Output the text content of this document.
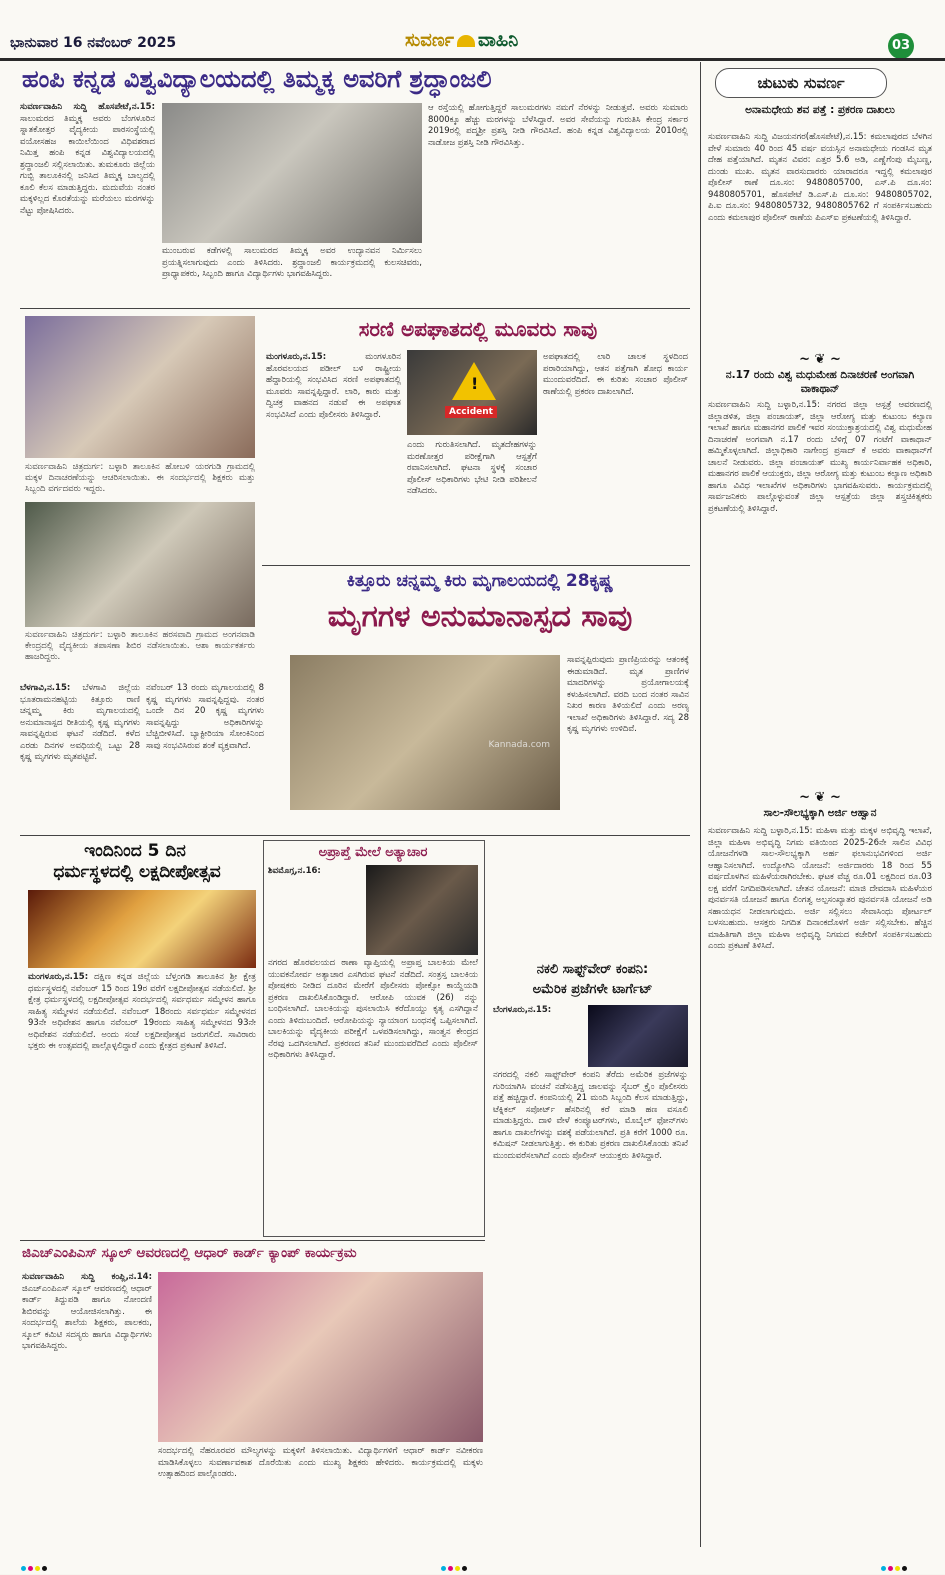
ಭಾನುವಾರ 16 ನವೆಂಬರ್ 2025	ಸುವರ್ಣ ವಾಹಿನಿ	03
ಹಂಪಿ ಕನ್ನಡ ವಿಶ್ವವಿದ್ಯಾಲಯದಲ್ಲಿ ತಿಮ್ಮಕ್ಕ ಅವರಿಗೆ ಶ್ರದ್ಧಾಂಜಲಿ
ಸುವರ್ಣವಾಹಿನಿ ಸುದ್ದಿ ಹೊಸಪೇಟೆ,ನ.15: ಸಾಲುಮರದ ತಿಮ್ಮಕ್ಕ ಅವರು ಬೆಂಗಳೂರಿನ ಸ್ನಾತಕೋತ್ತರ ವೈದ್ಯಕೀಯ ಪಾಠಸಂಸ್ಥೆಯಲ್ಲಿ ವಯೋಸಹಜ ಕಾಯಿಲೆಯಿಂದ ವಿಧಿವಶರಾದ ನಿಮಿತ್ತ ಹಂಪಿ ಕನ್ನಡ ವಿಶ್ವವಿದ್ಯಾಲಯದಲ್ಲಿ ಶ್ರದ್ಧಾಂಜಲಿ ಸಲ್ಲಿಸಲಾಯಿತು. ತುಮಕೂರು ಜಿಲ್ಲೆಯ ಗುಬ್ಬಿ ತಾಲೂಕಿನಲ್ಲಿ ಜನಿಸಿದ ತಿಮ್ಮಕ್ಕ ಬಾಲ್ಯದಲ್ಲಿ ಕೂಲಿ ಕೆಲಸ ಮಾಡುತ್ತಿದ್ದರು. ಮದುವೆಯ ನಂತರ ಮಕ್ಕಳಿಲ್ಲದ ಕೊರತೆಯನ್ನು ಮರೆಯಲು ಮರಗಳನ್ನು ನೆಟ್ಟು ಪೋಷಿಸಿದರು.
ಮುಂಬರುವ ಕಡೆಗಳಲ್ಲಿ ಸಾಲುಮರದ ತಿಮ್ಮಕ್ಕ ಅವರ ಉದ್ಯಾನವನ ನಿರ್ಮಿಸಲು ಪ್ರಯತ್ನಿಸಲಾಗುವುದು ಎಂದು ತಿಳಿಸಿದರು. ಶ್ರದ್ಧಾಂಜಲಿ ಕಾರ್ಯಕ್ರಮದಲ್ಲಿ ಕುಲಸಚಿವರು, ಪ್ರಾಧ್ಯಾಪಕರು, ಸಿಬ್ಬಂದಿ ಹಾಗೂ ವಿದ್ಯಾರ್ಥಿಗಳು ಭಾಗವಹಿಸಿದ್ದರು.
ಆ ರಸ್ತೆಯಲ್ಲಿ ಹೋಗುತ್ತಿದ್ದರೆ ಸಾಲುಮರಗಳು ನಮಗೆ ನೆರಳನ್ನು ನೀಡುತ್ತವೆ. ಅವರು ಸುಮಾರು 8000ಕ್ಕೂ ಹೆಚ್ಚು ಮರಗಳನ್ನು ಬೆಳೆಸಿದ್ದಾರೆ. ಅವರ ಸೇವೆಯನ್ನು ಗುರುತಿಸಿ ಕೇಂದ್ರ ಸರ್ಕಾರ 2019ರಲ್ಲಿ ಪದ್ಮಶ್ರೀ ಪ್ರಶಸ್ತಿ ನೀಡಿ ಗೌರವಿಸಿದೆ. ಹಂಪಿ ಕನ್ನಡ ವಿಶ್ವವಿದ್ಯಾಲಯ 2010ರಲ್ಲಿ ನಾಡೋಜ ಪ್ರಶಸ್ತಿ ನೀಡಿ ಗೌರವಿಸಿತ್ತು.
ಸುವರ್ಣವಾಹಿನಿ ಚಿತ್ರದುರ್ಗ: ಬಳ್ಳಾರಿ ತಾಲೂಕಿನ ಹೋಬಳಿ ಯರಗುಡಿ ಗ್ರಾಮದಲ್ಲಿ ಮಕ್ಕಳ ದಿನಾಚರಣೆಯನ್ನು ಆಚರಿಸಲಾಯಿತು. ಈ ಸಂದರ್ಭದಲ್ಲಿ ಶಿಕ್ಷಕರು ಮತ್ತು ಸಿಬ್ಬಂದಿ ವರ್ಗದವರು ಇದ್ದರು.
ಸುವರ್ಣವಾಹಿನಿ ಚಿತ್ರದುರ್ಗ: ಬಳ್ಳಾರಿ ತಾಲೂಕಿನ ಹರಸವಾದಿ ಗ್ರಾಮದ ಅಂಗನವಾಡಿ ಕೇಂದ್ರದಲ್ಲಿ ವೈದ್ಯಕೀಯ ತಪಾಸಣಾ ಶಿಬಿರ ನಡೆಸಲಾಯಿತು. ಆಶಾ ಕಾರ್ಯಕರ್ತರು ಹಾಜರಿದ್ದರು.
ಸರಣಿ ಅಪಘಾತದಲ್ಲಿ ಮೂವರು ಸಾವು
ಮಂಗಳೂರು,ನ.15:	ಮಂಗಳೂರಿನ ಹೊರವಲಯದ ಪಡೀಲ್ ಬಳಿ ರಾಷ್ಟ್ರೀಯ ಹೆದ್ದಾರಿಯಲ್ಲಿ ಸಂಭವಿಸಿದ ಸರಣಿ ಅಪಘಾತದಲ್ಲಿ ಮೂವರು ಸಾವನ್ನಪ್ಪಿದ್ದಾರೆ. ಲಾರಿ, ಕಾರು ಮತ್ತು ದ್ವಿಚಕ್ರ ವಾಹನದ ನಡುವೆ ಈ ಅಪಘಾತ ಸಂಭವಿಸಿದೆ ಎಂದು ಪೊಲೀಸರು ತಿಳಿಸಿದ್ದಾರೆ.
!
Accident
ಎಂದು ಗುರುತಿಸಲಾಗಿದೆ. ಮೃತದೇಹಗಳನ್ನು ಮರಣೋತ್ತರ ಪರೀಕ್ಷೆಗಾಗಿ ಆಸ್ಪತ್ರೆಗೆ ರವಾನಿಸಲಾಗಿದೆ. ಘಟನಾ ಸ್ಥಳಕ್ಕೆ ಸಂಚಾರ ಪೊಲೀಸ್ ಅಧಿಕಾರಿಗಳು ಭೇಟಿ ನೀಡಿ ಪರಿಶೀಲನೆ ನಡೆಸಿದರು.
ಅಪಘಾತದಲ್ಲಿ ಲಾರಿ ಚಾಲಕ ಸ್ಥಳದಿಂದ ಪರಾರಿಯಾಗಿದ್ದು, ಆತನ ಪತ್ತೆಗಾಗಿ ಶೋಧ ಕಾರ್ಯ ಮುಂದುವರೆದಿದೆ. ಈ ಕುರಿತು ಸಂಚಾರ ಪೊಲೀಸ್ ಠಾಣೆಯಲ್ಲಿ ಪ್ರಕರಣ ದಾಖಲಾಗಿದೆ.
ಕಿತ್ತೂರು ಚನ್ನಮ್ಮ ಕಿರು ಮೃಗಾಲಯದಲ್ಲಿ 28ಕೃಷ್ಣ
ಮೃಗಗಳ ಅನುಮಾನಾಸ್ಪದ ಸಾವು
ಬೆಳಗಾವಿ,ನ.15: ಬೆಳಗಾವಿ ಜಿಲ್ಲೆಯ ಭೂತರಾಮನಹಟ್ಟಿಯ ಕಿತ್ತೂರು ರಾಣಿ ಚನ್ನಮ್ಮ ಕಿರು ಮೃಗಾಲಯದಲ್ಲಿ ಅನುಮಾನಾಸ್ಪದ ರೀತಿಯಲ್ಲಿ ಕೃಷ್ಣ ಮೃಗಗಳು ಸಾವನ್ನಪ್ಪಿರುವ ಘಟನೆ ನಡೆದಿದೆ. ಕಳೆದ ಎರಡು ದಿನಗಳ ಅವಧಿಯಲ್ಲಿ ಒಟ್ಟು 28 ಕೃಷ್ಣ ಮೃಗಗಳು ಮೃತಪಟ್ಟಿವೆ.
ನವೆಂಬರ್ 13 ರಂದು ಮೃಗಾಲಯದಲ್ಲಿ 8 ಕೃಷ್ಣ ಮೃಗಗಳು ಸಾವನ್ನಪ್ಪಿದ್ದವು. ನಂತರ ಒಂದೇ ದಿನ 20 ಕೃಷ್ಣ ಮೃಗಗಳು ಸಾವನ್ನಪ್ಪಿದ್ದು ಅಧಿಕಾರಿಗಳನ್ನು ಬೆಚ್ಚಿಬೀಳಿಸಿದೆ. ಬ್ಯಾಕ್ಟೀರಿಯಾ ಸೋಂಕಿನಿಂದ ಸಾವು ಸಂಭವಿಸಿರುವ ಶಂಕೆ ವ್ಯಕ್ತವಾಗಿದೆ.	Kannada.com
ಸಾವನ್ನಪ್ಪಿರುವುದು ಪ್ರಾಣಿಪ್ರಿಯರನ್ನು ಆತಂಕಕ್ಕೆ ಈಡುಮಾಡಿದೆ. ಮೃತ ಪ್ರಾಣಿಗಳ ಮಾದರಿಗಳನ್ನು ಪ್ರಯೋಗಾಲಯಕ್ಕೆ ಕಳುಹಿಸಲಾಗಿದೆ. ವರದಿ ಬಂದ ನಂತರ ಸಾವಿನ ನಿಖರ ಕಾರಣ ತಿಳಿಯಲಿದೆ ಎಂದು ಅರಣ್ಯ ಇಲಾಖೆ ಅಧಿಕಾರಿಗಳು ತಿಳಿಸಿದ್ದಾರೆ. ಸದ್ಯ 28 ಕೃಷ್ಣ ಮೃಗಗಳು ಉಳಿದಿವೆ.
ಇಂದಿನಿಂದ 5 ದಿನ
ಧರ್ಮಸ್ಥಳದಲ್ಲಿ ಲಕ್ಷದೀಪೋತ್ಸವ
ಮಂಗಳೂರು,ನ.15: ದಕ್ಷಿಣ ಕನ್ನಡ ಜಿಲ್ಲೆಯ ಬೆಳ್ತಂಗಡಿ ತಾಲೂಕಿನ ಶ್ರೀ ಕ್ಷೇತ್ರ ಧರ್ಮಸ್ಥಳದಲ್ಲಿ ನವೆಂಬರ್ 15 ರಿಂದ 19ರ ವರೆಗೆ ಲಕ್ಷದೀಪೋತ್ಸವ ನಡೆಯಲಿದೆ. ಶ್ರೀ ಕ್ಷೇತ್ರ ಧರ್ಮಸ್ಥಳದಲ್ಲಿ ಲಕ್ಷದೀಪೋತ್ಸವ ಸಂದರ್ಭದಲ್ಲಿ ಸರ್ವಧರ್ಮ ಸಮ್ಮೇಳನ ಹಾಗೂ ಸಾಹಿತ್ಯ ಸಮ್ಮೇಳನ ನಡೆಯಲಿದೆ. ನವೆಂಬರ್ 18ರಂದು ಸರ್ವಧರ್ಮ ಸಮ್ಮೇಳನದ 93ನೇ ಅಧಿವೇಶನ ಹಾಗೂ ನವೆಂಬರ್ 19ರಂದು ಸಾಹಿತ್ಯ ಸಮ್ಮೇಳನದ 93ನೇ ಅಧಿವೇಶನ ನಡೆಯಲಿದೆ. ಅಂದು ಸಂಜೆ ಲಕ್ಷದೀಪೋತ್ಸವ ಜರುಗಲಿದೆ. ಸಾವಿರಾರು ಭಕ್ತರು ಈ ಉತ್ಸವದಲ್ಲಿ ಪಾಲ್ಗೊಳ್ಳಲಿದ್ದಾರೆ ಎಂದು ಕ್ಷೇತ್ರದ ಪ್ರಕಟಣೆ ತಿಳಿಸಿದೆ.
ಅಪ್ರಾಪ್ತೆ ಮೇಲೆ ಅತ್ಯಾಚಾರ
ಶಿವಮೊಗ್ಗ,ನ.16:
ನಗರದ ಹೊರವಲಯದ ಠಾಣಾ ವ್ಯಾಪ್ತಿಯಲ್ಲಿ ಅಪ್ರಾಪ್ತ ಬಾಲಕಿಯ ಮೇಲೆ ಯುವಕನೋರ್ವ ಅತ್ಯಾಚಾರ ಎಸಗಿರುವ ಘಟನೆ ನಡೆದಿದೆ. ಸಂತ್ರಸ್ತ ಬಾಲಕಿಯ ಪೋಷಕರು ನೀಡಿದ ದೂರಿನ ಮೇರೆಗೆ ಪೊಲೀಸರು ಪೋಕ್ಸೋ ಕಾಯ್ದೆಯಡಿ ಪ್ರಕರಣ ದಾಖಲಿಸಿಕೊಂಡಿದ್ದಾರೆ. ಆರೋಪಿ ಯುವಕ (26) ನನ್ನು ಬಂಧಿಸಲಾಗಿದೆ. ಬಾಲಕಿಯನ್ನು ಪುಸಲಾಯಿಸಿ ಕರೆದೊಯ್ದು ಕೃತ್ಯ ಎಸಗಿದ್ದಾನೆ ಎಂದು ತಿಳಿದುಬಂದಿದೆ. ಆರೋಪಿಯನ್ನು ನ್ಯಾಯಾಂಗ ಬಂಧನಕ್ಕೆ ಒಪ್ಪಿಸಲಾಗಿದೆ. ಬಾಲಕಿಯನ್ನು ವೈದ್ಯಕೀಯ ಪರೀಕ್ಷೆಗೆ ಒಳಪಡಿಸಲಾಗಿದ್ದು, ಸಾಂತ್ವನ ಕೇಂದ್ರದ ನೆರವು ಒದಗಿಸಲಾಗಿದೆ. ಪ್ರಕರಣದ ತನಿಖೆ ಮುಂದುವರೆದಿದೆ ಎಂದು ಪೊಲೀಸ್ ಅಧಿಕಾರಿಗಳು ತಿಳಿಸಿದ್ದಾರೆ.
ನಕಲಿ ಸಾಫ್ಟ್‌ವೇರ್ ಕಂಪನಿ:
ಅಮೆರಿಕ ಪ್ರಜೆಗಳೇ ಟಾರ್ಗೆಟ್
ಬೆಂಗಳೂರು,ನ.15:
ನಗರದಲ್ಲಿ ನಕಲಿ ಸಾಫ್ಟ್‌ವೇರ್ ಕಂಪನಿ ತೆರೆದು ಅಮೆರಿಕ ಪ್ರಜೆಗಳನ್ನು ಗುರಿಯಾಗಿಸಿ ವಂಚನೆ ನಡೆಸುತ್ತಿದ್ದ ಜಾಲವನ್ನು ಸೈಬರ್ ಕ್ರೈಂ ಪೊಲೀಸರು ಪತ್ತೆ ಹಚ್ಚಿದ್ದಾರೆ. ಕಂಪನಿಯಲ್ಲಿ 21 ಮಂದಿ ಸಿಬ್ಬಂದಿ ಕೆಲಸ ಮಾಡುತ್ತಿದ್ದು, ಟೆಕ್ನಿಕಲ್ ಸಪೋರ್ಟ್ ಹೆಸರಿನಲ್ಲಿ ಕರೆ ಮಾಡಿ ಹಣ ವಸೂಲಿ ಮಾಡುತ್ತಿದ್ದರು. ದಾಳಿ ವೇಳೆ ಕಂಪ್ಯೂಟರ್‌ಗಳು, ಮೊಬೈಲ್ ಫೋನ್‌ಗಳು ಹಾಗೂ ದಾಖಲೆಗಳನ್ನು ವಶಕ್ಕೆ ಪಡೆಯಲಾಗಿದೆ. ಪ್ರತಿ ಕರೆಗೆ 1000 ರೂ. ಕಮಿಷನ್ ನೀಡಲಾಗುತ್ತಿತ್ತು. ಈ ಕುರಿತು ಪ್ರಕರಣ ದಾಖಲಿಸಿಕೊಂಡು ತನಿಖೆ ಮುಂದುವರೆಸಲಾಗಿದೆ ಎಂದು ಪೊಲೀಸ್ ಆಯುಕ್ತರು ತಿಳಿಸಿದ್ದಾರೆ.
ಜಿಎಚ್‌ಎಂಪಿಎಸ್ ಸ್ಕೂಲ್ ಆವರಣದಲ್ಲಿ ಆಧಾರ್ ಕಾರ್ಡ್ ಕ್ಯಾಂಪ್ ಕಾರ್ಯಕ್ರಮ
ಸುವರ್ಣವಾಹಿನಿ ಸುದ್ದಿ ಕಂಪ್ಲಿ,ನ.14: ಜಿಎಚ್‌ಎಂಪಿಎಸ್ ಸ್ಕೂಲ್ ಆವರಣದಲ್ಲಿ ಆಧಾರ್ ಕಾರ್ಡ್ ತಿದ್ದುಪಡಿ ಹಾಗೂ ನೋಂದಣಿ ಶಿಬಿರವನ್ನು ಆಯೋಜಿಸಲಾಗಿತ್ತು. ಈ ಸಂದರ್ಭದಲ್ಲಿ ಶಾಲೆಯ ಶಿಕ್ಷಕರು, ಪಾಲಕರು, ಸ್ಕೂಲ್ ಕಮಿಟಿ ಸದಸ್ಯರು ಹಾಗೂ ವಿದ್ಯಾರ್ಥಿಗಳು ಭಾಗವಹಿಸಿದ್ದರು.
ಸಂದರ್ಭದಲ್ಲಿ ನೆಹರೂರವರ ಮೌಲ್ಯಗಳನ್ನು ಮಕ್ಕಳಿಗೆ ತಿಳಿಸಲಾಯಿತು. ವಿದ್ಯಾರ್ಥಿಗಳಿಗೆ ಆಧಾರ್ ಕಾರ್ಡ್ ನವೀಕರಣ ಮಾಡಿಸಿಕೊಳ್ಳಲು ಸುವರ್ಣಾವಕಾಶ ದೊರೆಯಿತು ಎಂದು ಮುಖ್ಯ ಶಿಕ್ಷಕರು ಹೇಳಿದರು. ಕಾರ್ಯಕ್ರಮದಲ್ಲಿ ಮಕ್ಕಳು ಉತ್ಸಾಹದಿಂದ ಪಾಲ್ಗೊಂಡರು.
ಚುಟುಕು ಸುವರ್ಣ
ಅನಾಮಧೇಯ ಶವ ಪತ್ತೆ : ಪ್ರಕರಣ ದಾಖಲು
ಸುವರ್ಣವಾಹಿನಿ ಸುದ್ದಿ ವಿಜಯನಗರ(ಹೊಸಪೇಟೆ),ನ.15: ಕಮಲಾಪುರದ ಬೆಳಗಿನ ವೇಳೆ ಸುಮಾರು 40 ರಿಂದ 45 ವರ್ಷ ವಯಸ್ಸಿನ ಅನಾಮಧೇಯ ಗಂಡಸಿನ ಮೃತ ದೇಹ ಪತ್ತೆಯಾಗಿದೆ. ಮೃತನ ವಿವರ: ಎತ್ತರ 5.6 ಅಡಿ, ಎಣ್ಣೆಗೆಂಪು ಮೈಬಣ್ಣ, ದುಂಡು ಮುಖ. ಮೃತನ ವಾರಸುದಾರರು ಯಾರಾದರೂ ಇದ್ದಲ್ಲಿ ಕಮಲಾಪುರ ಪೊಲೀಸ್ ಠಾಣೆ ದೂ.ಸಂ: 9480805700, ಎಸ್.ಪಿ ದೂ.ಸಂ: 9480805701, ಹೊಸಪೇಟೆ ಡಿ.ಎಸ್.ಪಿ ದೂ.ಸಂ: 9480805702, ಪಿ.ಐ ದೂ.ಸಂ: 9480805732, 9480805762 ಗೆ ಸಂಪರ್ಕಿಸಬಹುದು ಎಂದು ಕಮಲಾಪುರ ಪೊಲೀಸ್ ಠಾಣೆಯ ಪಿಎಸ್‌ಐ ಪ್ರಕಟಣೆಯಲ್ಲಿ ತಿಳಿಸಿದ್ದಾರೆ.
~ ❦ ~
ನ.17 ರಂದು ವಿಶ್ವ ಮಧುಮೇಹ ದಿನಾಚರಣೆ ಅಂಗವಾಗಿ ವಾಕಾಥಾನ್
ಸುವರ್ಣವಾಹಿನಿ ಸುದ್ದಿ ಬಳ್ಳಾರಿ,ನ.15: ನಗರದ ಜಿಲ್ಲಾ ಆಸ್ಪತ್ರೆ ಆವರಣದಲ್ಲಿ ಜಿಲ್ಲಾಡಳಿತ, ಜಿಲ್ಲಾ ಪಂಚಾಯತ್, ಜಿಲ್ಲಾ ಆರೋಗ್ಯ ಮತ್ತು ಕುಟುಂಬ ಕಲ್ಯಾಣ ಇಲಾಖೆ ಹಾಗೂ ಮಹಾನಗರ ಪಾಲಿಕೆ ಇವರ ಸಂಯುಕ್ತಾಶ್ರಯದಲ್ಲಿ ವಿಶ್ವ ಮಧುಮೇಹ ದಿನಾಚರಣೆ ಅಂಗವಾಗಿ ನ.17 ರಂದು ಬೆಳಿಗ್ಗೆ 07 ಗಂಟೆಗೆ ವಾಕಾಥಾನ್ ಹಮ್ಮಿಕೊಳ್ಳಲಾಗಿದೆ. ಜಿಲ್ಲಾಧಿಕಾರಿ ನಾಗೇಂದ್ರ ಪ್ರಸಾದ್ ಕೆ ಅವರು ವಾಕಾಥಾನ್‌ಗೆ ಚಾಲನೆ ನೀಡುವರು. ಜಿಲ್ಲಾ ಪಂಚಾಯತ್ ಮುಖ್ಯ ಕಾರ್ಯನಿರ್ವಾಹಕ ಅಧಿಕಾರಿ, ಮಹಾನಗರ ಪಾಲಿಕೆ ಆಯುಕ್ತರು, ಜಿಲ್ಲಾ ಆರೋಗ್ಯ ಮತ್ತು ಕುಟುಂಬ ಕಲ್ಯಾಣ ಅಧಿಕಾರಿ ಹಾಗೂ ವಿವಿಧ ಇಲಾಖೆಗಳ ಅಧಿಕಾರಿಗಳು ಭಾಗವಹಿಸುವರು. ಕಾರ್ಯಕ್ರಮದಲ್ಲಿ ಸಾರ್ವಜನಿಕರು ಪಾಲ್ಗೊಳ್ಳುವಂತೆ ಜಿಲ್ಲಾ ಆಸ್ಪತ್ರೆಯ ಜಿಲ್ಲಾ ಶಸ್ತ್ರಚಿಕಿತ್ಸಕರು ಪ್ರಕಟಣೆಯಲ್ಲಿ ತಿಳಿಸಿದ್ದಾರೆ.
~ ❦ ~
ಸಾಲ-ಸೌಲಭ್ಯಕ್ಕಾಗಿ ಅರ್ಜಿ ಆಹ್ವಾನ
ಸುವರ್ಣವಾಹಿನಿ ಸುದ್ದಿ ಬಳ್ಳಾರಿ,ನ.15: ಮಹಿಳಾ ಮತ್ತು ಮಕ್ಕಳ ಅಭಿವೃದ್ಧಿ ಇಲಾಖೆ, ಜಿಲ್ಲಾ ಮಹಿಳಾ ಅಭಿವೃದ್ಧಿ ನಿಗಮ ವತಿಯಿಂದ 2025-26ನೇ ಸಾಲಿನ ವಿವಿಧ ಯೋಜನೆಗಳಡಿ ಸಾಲ-ಸೌಲಭ್ಯಕ್ಕಾಗಿ ಅರ್ಹ ಫಲಾನುಭವಿಗಳಿಂದ ಅರ್ಜಿ ಆಹ್ವಾನಿಸಲಾಗಿದೆ. ಉದ್ಯೋಗಿನಿ ಯೋಜನೆ: ಅರ್ಜಿದಾರರು 18 ರಿಂದ 55 ವರ್ಷದೊಳಗಿನ ಮಹಿಳೆಯರಾಗಿರಬೇಕು. ಘಟಕ ವೆಚ್ಚ ರೂ.01 ಲಕ್ಷದಿಂದ ರೂ.03 ಲಕ್ಷ ವರೆಗೆ ನಿಗದಿಪಡಿಸಲಾಗಿದೆ. ಚೇತನ ಯೋಜನೆ: ಮಾಜಿ ದೇವದಾಸಿ ಮಹಿಳೆಯರ ಪುನರ್ವಸತಿ ಯೋಜನೆ ಹಾಗೂ ಲಿಂಗತ್ವ ಅಲ್ಪಸಂಖ್ಯಾತರ ಪುನರ್ವಸತಿ ಯೋಜನೆ ಅಡಿ ಸಹಾಯಧನ ನೀಡಲಾಗುವುದು. ಅರ್ಜಿ ಸಲ್ಲಿಸಲು ಸೇವಾಸಿಂಧು ಪೋರ್ಟಲ್ ಬಳಸಬಹುದು. ಆಸಕ್ತರು ನಿಗದಿತ ದಿನಾಂಕದೊಳಗೆ ಅರ್ಜಿ ಸಲ್ಲಿಸಬೇಕು. ಹೆಚ್ಚಿನ ಮಾಹಿತಿಗಾಗಿ ಜಿಲ್ಲಾ ಮಹಿಳಾ ಅಭಿವೃದ್ಧಿ ನಿಗಮದ ಕಚೇರಿಗೆ ಸಂಪರ್ಕಿಸಬಹುದು ಎಂದು ಪ್ರಕಟಣೆ ತಿಳಿಸಿದೆ.
